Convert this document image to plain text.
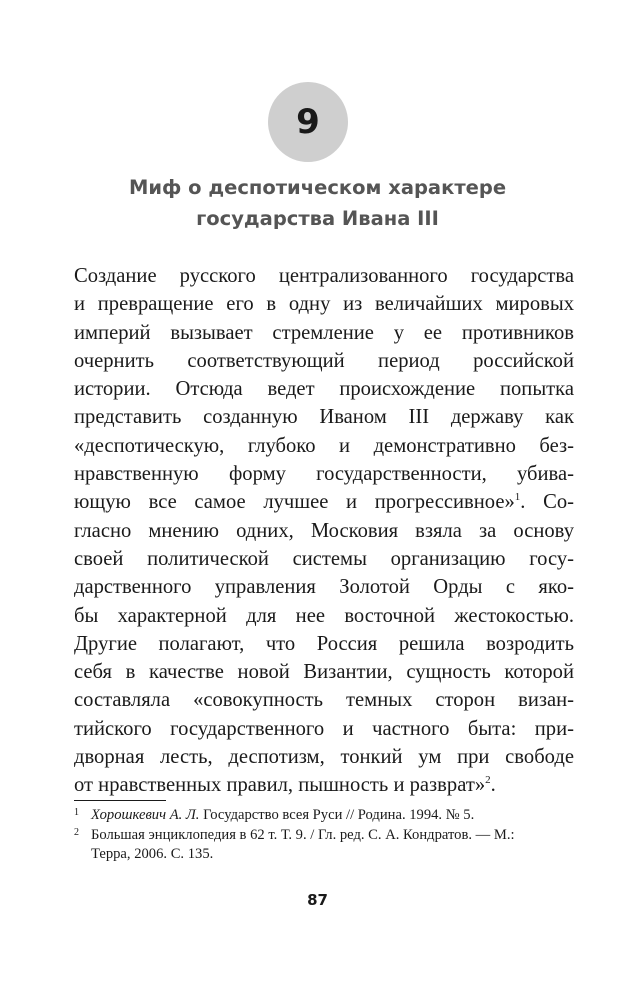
9
Миф о деспотическом характере
государства Ивана III
Создание русского централизованного государства
и превращение его в одну из величайших мировых
империй вызывает стремление у ее противников
очернить соответствующий период российской
истории. Отсюда ведет происхождение попытка
представить созданную Иваном III державу как
«деспотическую, глубоко и демонстративно без-
нравственную форму государственности, убива-
ющую все самое лучшее и прогрессивное»$^1$. Со-
гласно мнению одних, Московия взяла за основу
своей политической системы организацию госу-
дарственного управления Золотой Орды с яко-
бы характерной для нее восточной жестокостью.
Другие полагают, что Россия решила возродить
себя в качестве новой Византии, сущность которой
составляла «совокупность темных сторон визан-
тийского государственного и частного быта: при-
дворная лесть, деспотизм, тонкий ум при свободе
от нравственных правил, пышность и разврат»$^2$.
1 Хорошкевич А. Л. Государство всея Руси // Родина. 1994. № 5.
2 Большая энциклопедия в 62 т. Т. 9. / Гл. ред. С. А. Кондратов. — М.:
Терра, 2006. С. 135.
87
